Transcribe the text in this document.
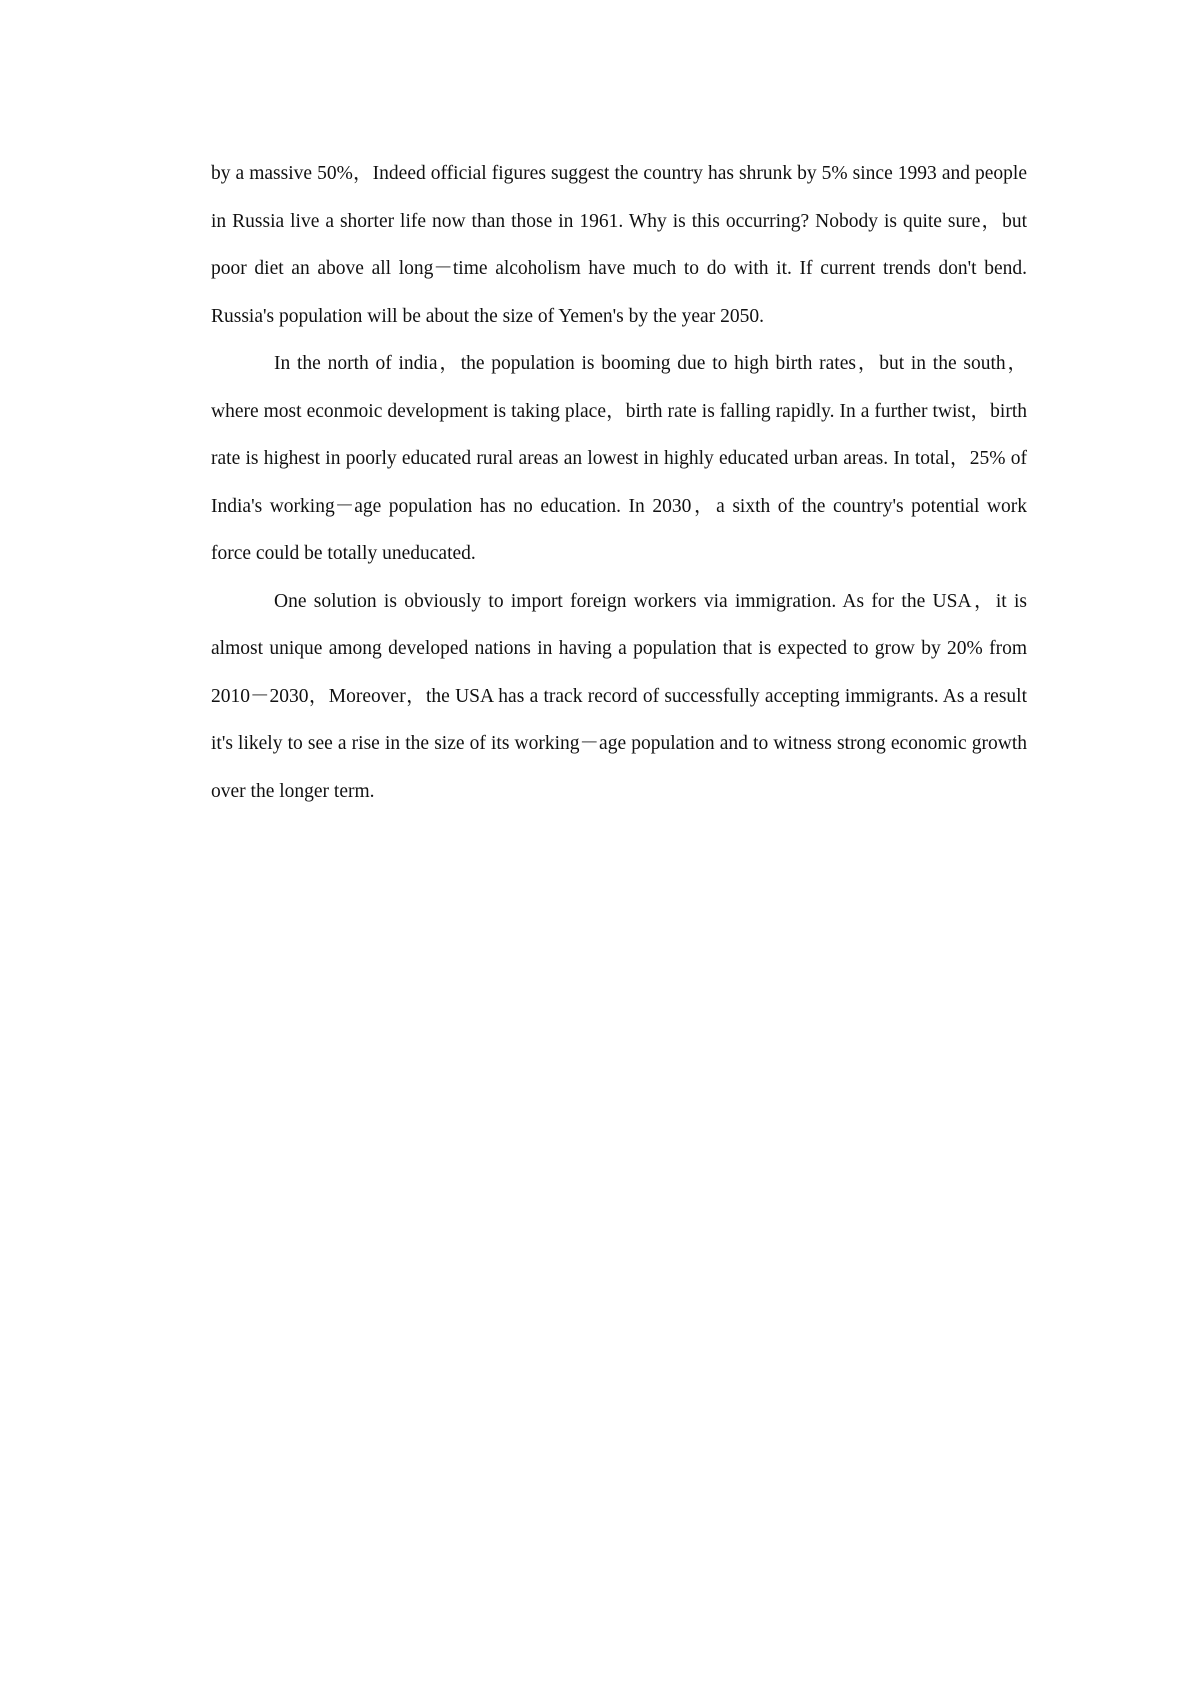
by a massive 50%，Indeed official figures suggest the country has shrunk by 5% since 1993 and people in Russia live a shorter life now than those in 1961. Why is this occurring? Nobody is quite sure，but poor diet an above all long－time alcoholism have much to do with it. If current trends don't bend. Russia's population will be about the size of Yemen's by the year 2050.

In the north of india，the population is booming due to high birth rates，but in the south，where most econmoic development is taking place，birth rate is falling rapidly. In a further twist，birth rate is highest in poorly educated rural areas an lowest in highly educated urban areas. In total，25% of India's working－age population has no education. In 2030，a sixth of the country's potential work force could be totally uneducated.

One solution is obviously to import foreign workers via immigration. As for the USA，it is almost unique among developed nations in having a population that is expected to grow by 20% from 2010－2030，Moreover，the USA has a track record of successfully accepting immigrants. As a result it's likely to see a rise in the size of its working－age population and to witness strong economic growth over the longer term.
